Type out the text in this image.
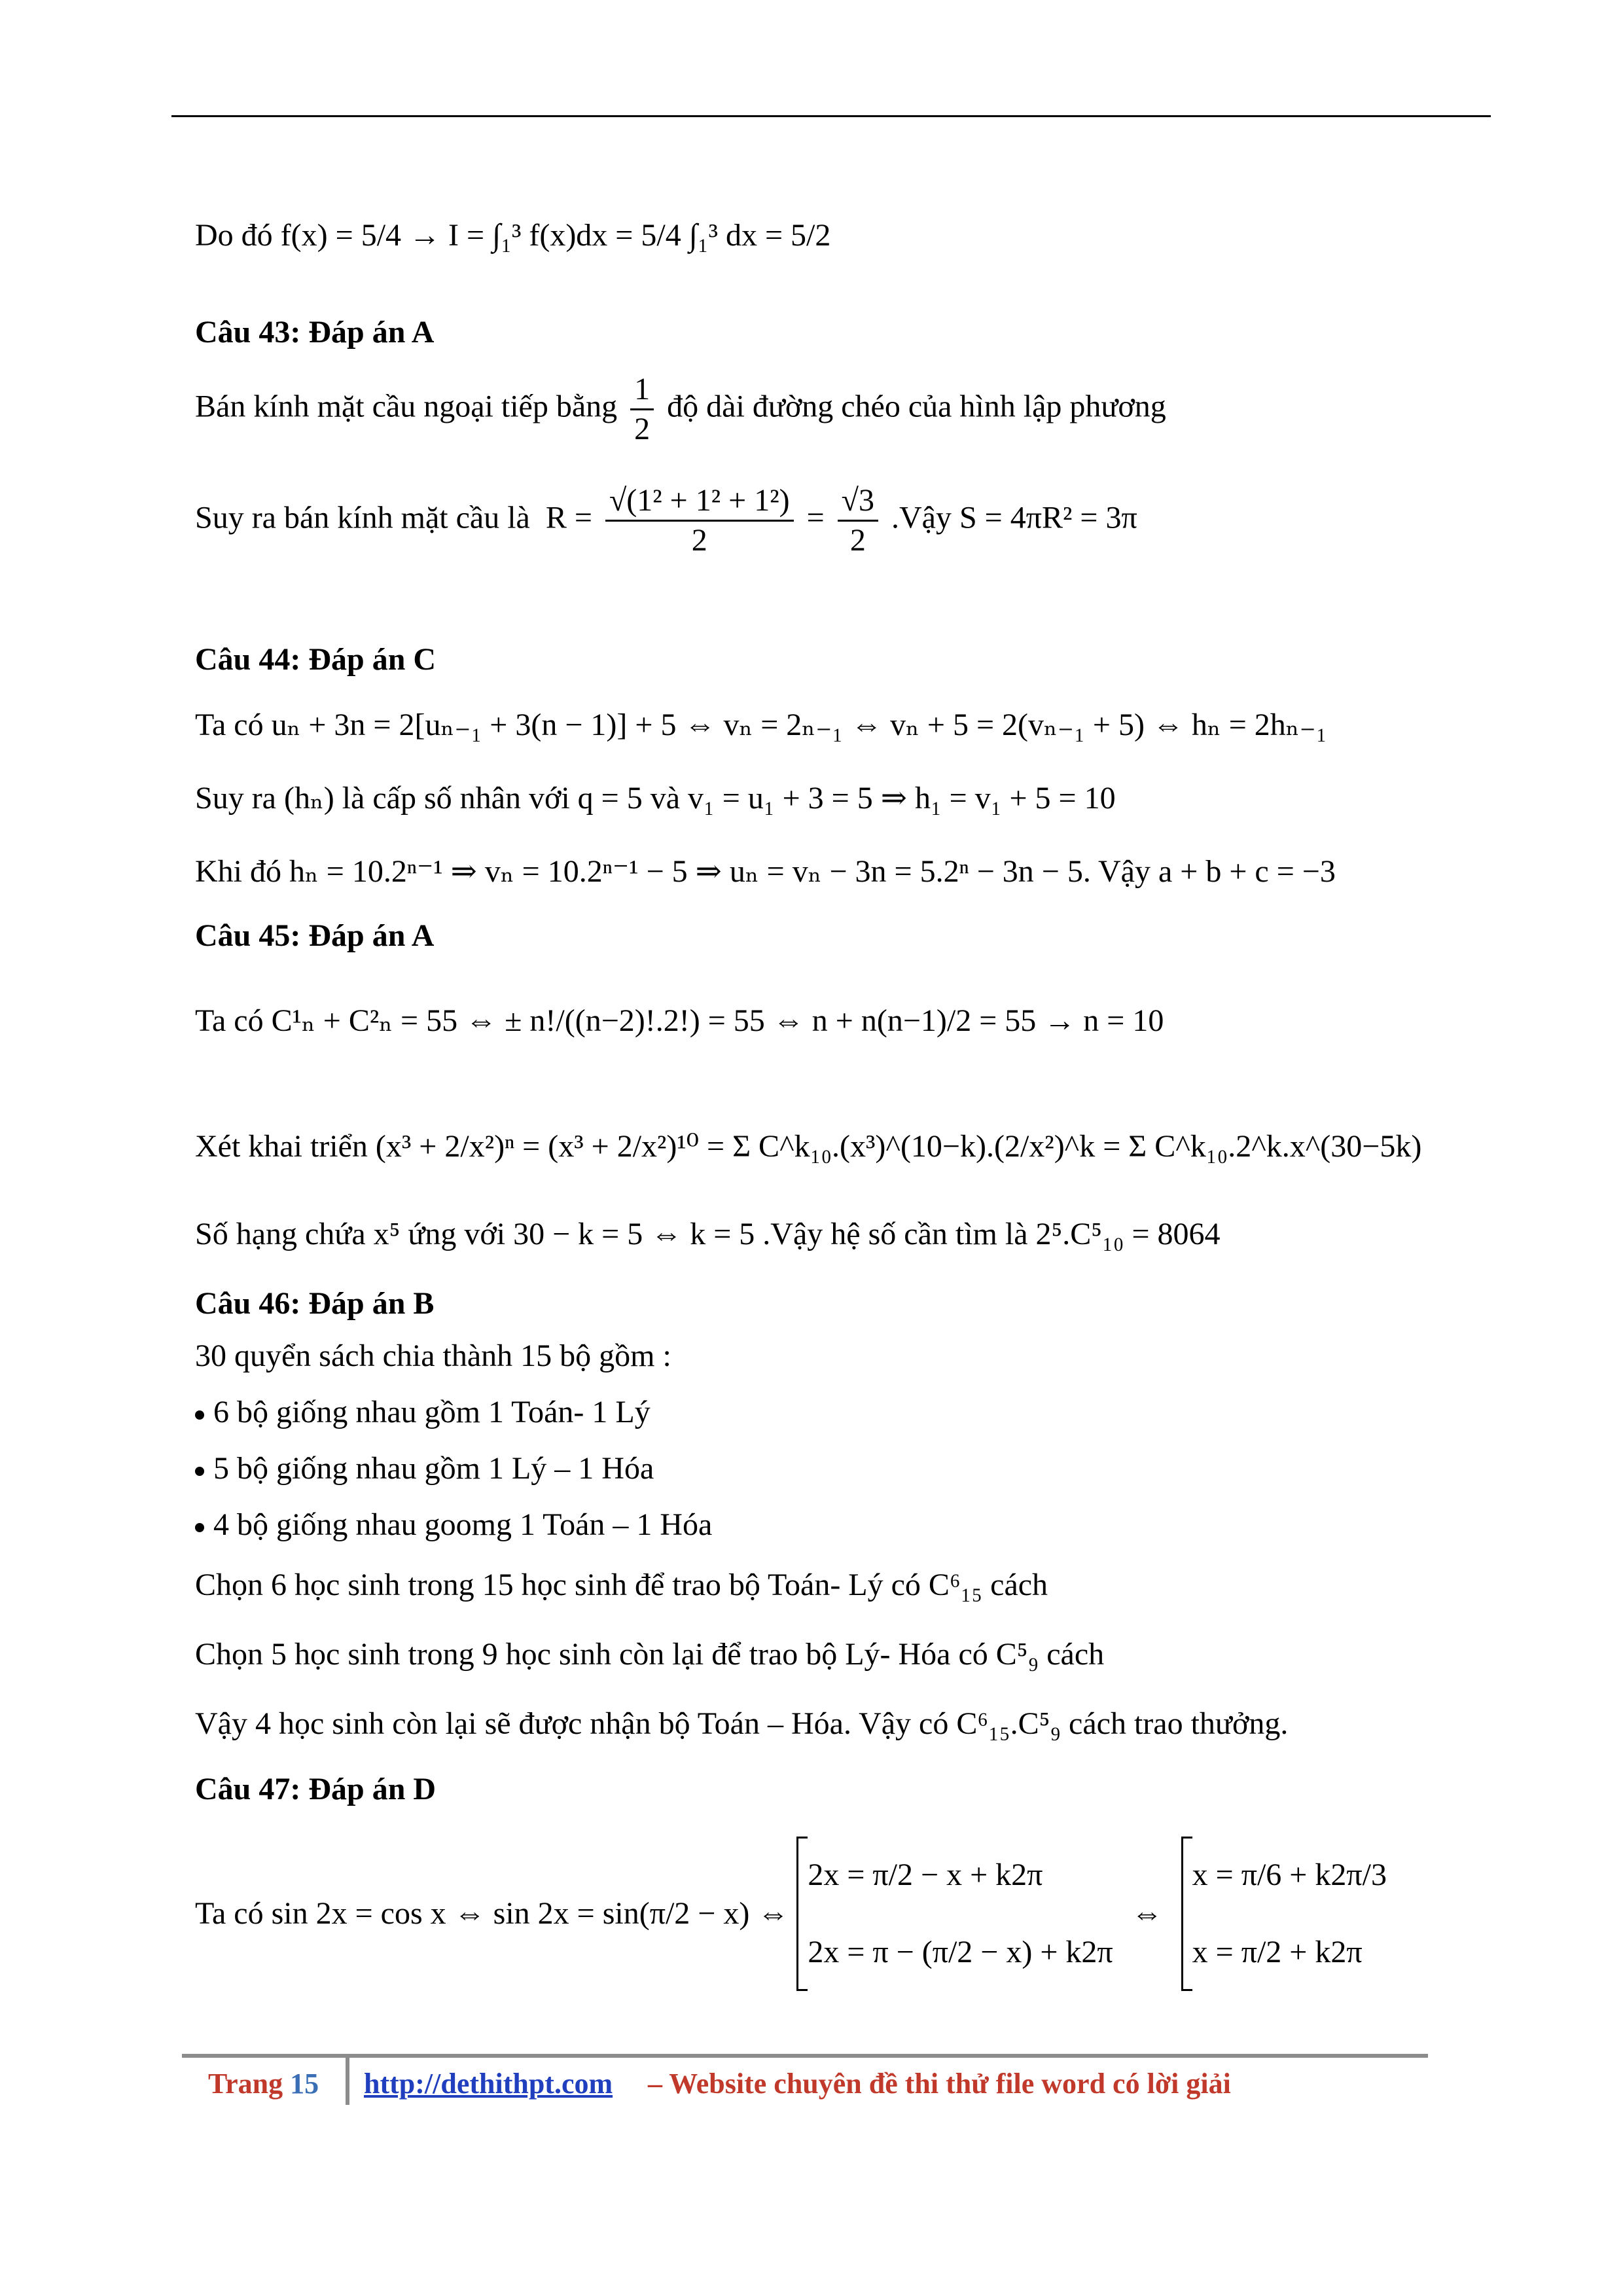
Do đó f(x) = 5/4 → I = ∫₁³ f(x)dx = 5/4 ∫₁³ dx = 5/2
Câu 43: Đáp án A
Bán kính mặt cầu ngoại tiếp bằng $\frac{1}{2}$ độ dài đường chéo của hình lập phương
Suy ra bán kính mặt cầu là  $R = \frac{\text{√(1² + 1² + 1²)}}{2} = \frac{√3}{2}$ .Vậy S = 4πR² = 3π
Câu 44: Đáp án C
Ta có uₙ + 3n = 2[uₙ₋₁ + 3(n − 1)] + 5 ⇔ vₙ = 2ₙ₋₁ ⇔ vₙ + 5 = 2(vₙ₋₁ + 5) ⇔ hₙ = 2hₙ₋₁
Suy ra (hₙ) là cấp số nhân với q = 5 và v₁ = u₁ + 3 = 5 ⇒ h₁ = v₁ + 5 = 10
Khi đó hₙ = 10.2ⁿ⁻¹ ⇒ vₙ = 10.2ⁿ⁻¹ − 5 ⇒ uₙ = vₙ − 3n = 5.2ⁿ − 3n − 5. Vậy a + b + c = −3
Câu 45: Đáp án A
Ta có C¹ₙ + C²ₙ = 55 ⇔ ± n!/((n−2)!.2!) = 55 ⇔ n + n(n−1)/2 = 55 → n = 10
Xét khai triển (x³ + 2/x²)ⁿ = (x³ + 2/x²)¹⁰ = Σ C^k₁₀.(x³)^(10−k).(2/x²)^k = Σ C^k₁₀.2^k.x^(30−5k)
Số hạng chứa x⁵ ứng với 30 − k = 5 ⇔ k = 5 .Vậy hệ số cần tìm là 2⁵.C⁵₁₀ = 8064
Câu 46: Đáp án B
30 quyển sách chia thành 15 bộ gồm :
6 bộ giống nhau gồm 1 Toán- 1 Lý
5 bộ giống nhau gồm 1 Lý – 1 Hóa
4 bộ giống nhau goomg 1 Toán – 1 Hóa
Chọn 6 học sinh trong 15 học sinh để trao bộ Toán- Lý có C⁶₁₅ cách
Chọn 5 học sinh trong 9 học sinh còn lại để trao bộ Lý- Hóa có C⁵₉ cách
Vậy 4 học sinh còn lại sẽ được nhận bộ Toán – Hóa. Vậy có C⁶₁₅.C⁵₉ cách trao thưởng.
Câu 47: Đáp án D
Ta có sin 2x = cos x ⇔ sin 2x = sin(π/2 − x) ⇔
2x = π/2 − x + k2π
2x = π − (π/2 − x) + k2π
⇔
x = π/6 + k2π/3
x = π/2 + k2π
Trang 15 http://dethithpt.com – Website chuyên đề thi thử file word có lời giải
